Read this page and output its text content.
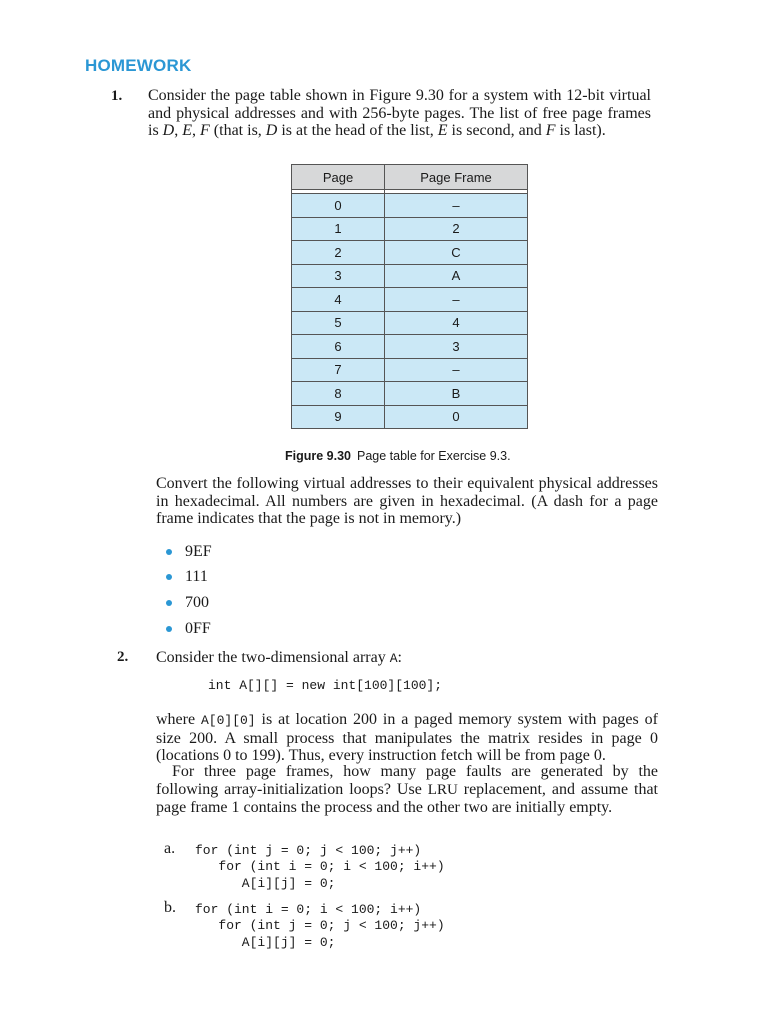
HOMEWORK
1. Consider the page table shown in Figure 9.30 for a system with 12-bit virtual and physical addresses and with 256-byte pages. The list of free page frames is D, E, F (that is, D is at the head of the list, E is second, and F is last).

Page	Page Frame

0	–
1	2
2	C
3	A
4	–
5	4
6	3
7	–
8	B
9	0
Figure 9.30 Page table for Exercise 9.3.

Convert the following virtual addresses to their equivalent physical addresses in hexadecimal. All numbers are given in hexadecimal. (A dash for a page frame indicates that the page is not in memory.)

9EF
111
700
0FF
2. Consider the two-dimensional array A:

int A[][] = new int[100][100];

where A[0][0] is at location 200 in a paged memory system with pages of size 200. A small process that manipulates the matrix resides in page 0 (locations 0 to 199). Thus, every instruction fetch will be from page 0.

For three page frames, how many page faults are generated by the following array-initialization loops? Use LRU replacement, and assume that page frame 1 contains the process and the other two are initially empty.

a. for (int j = 0; j < 100; j++)
for (int i = 0; i < 100; i++)
A[i][j] = 0;
b. for (int i = 0; i < 100; i++)
for (int j = 0; j < 100; j++)
A[i][j] = 0;
